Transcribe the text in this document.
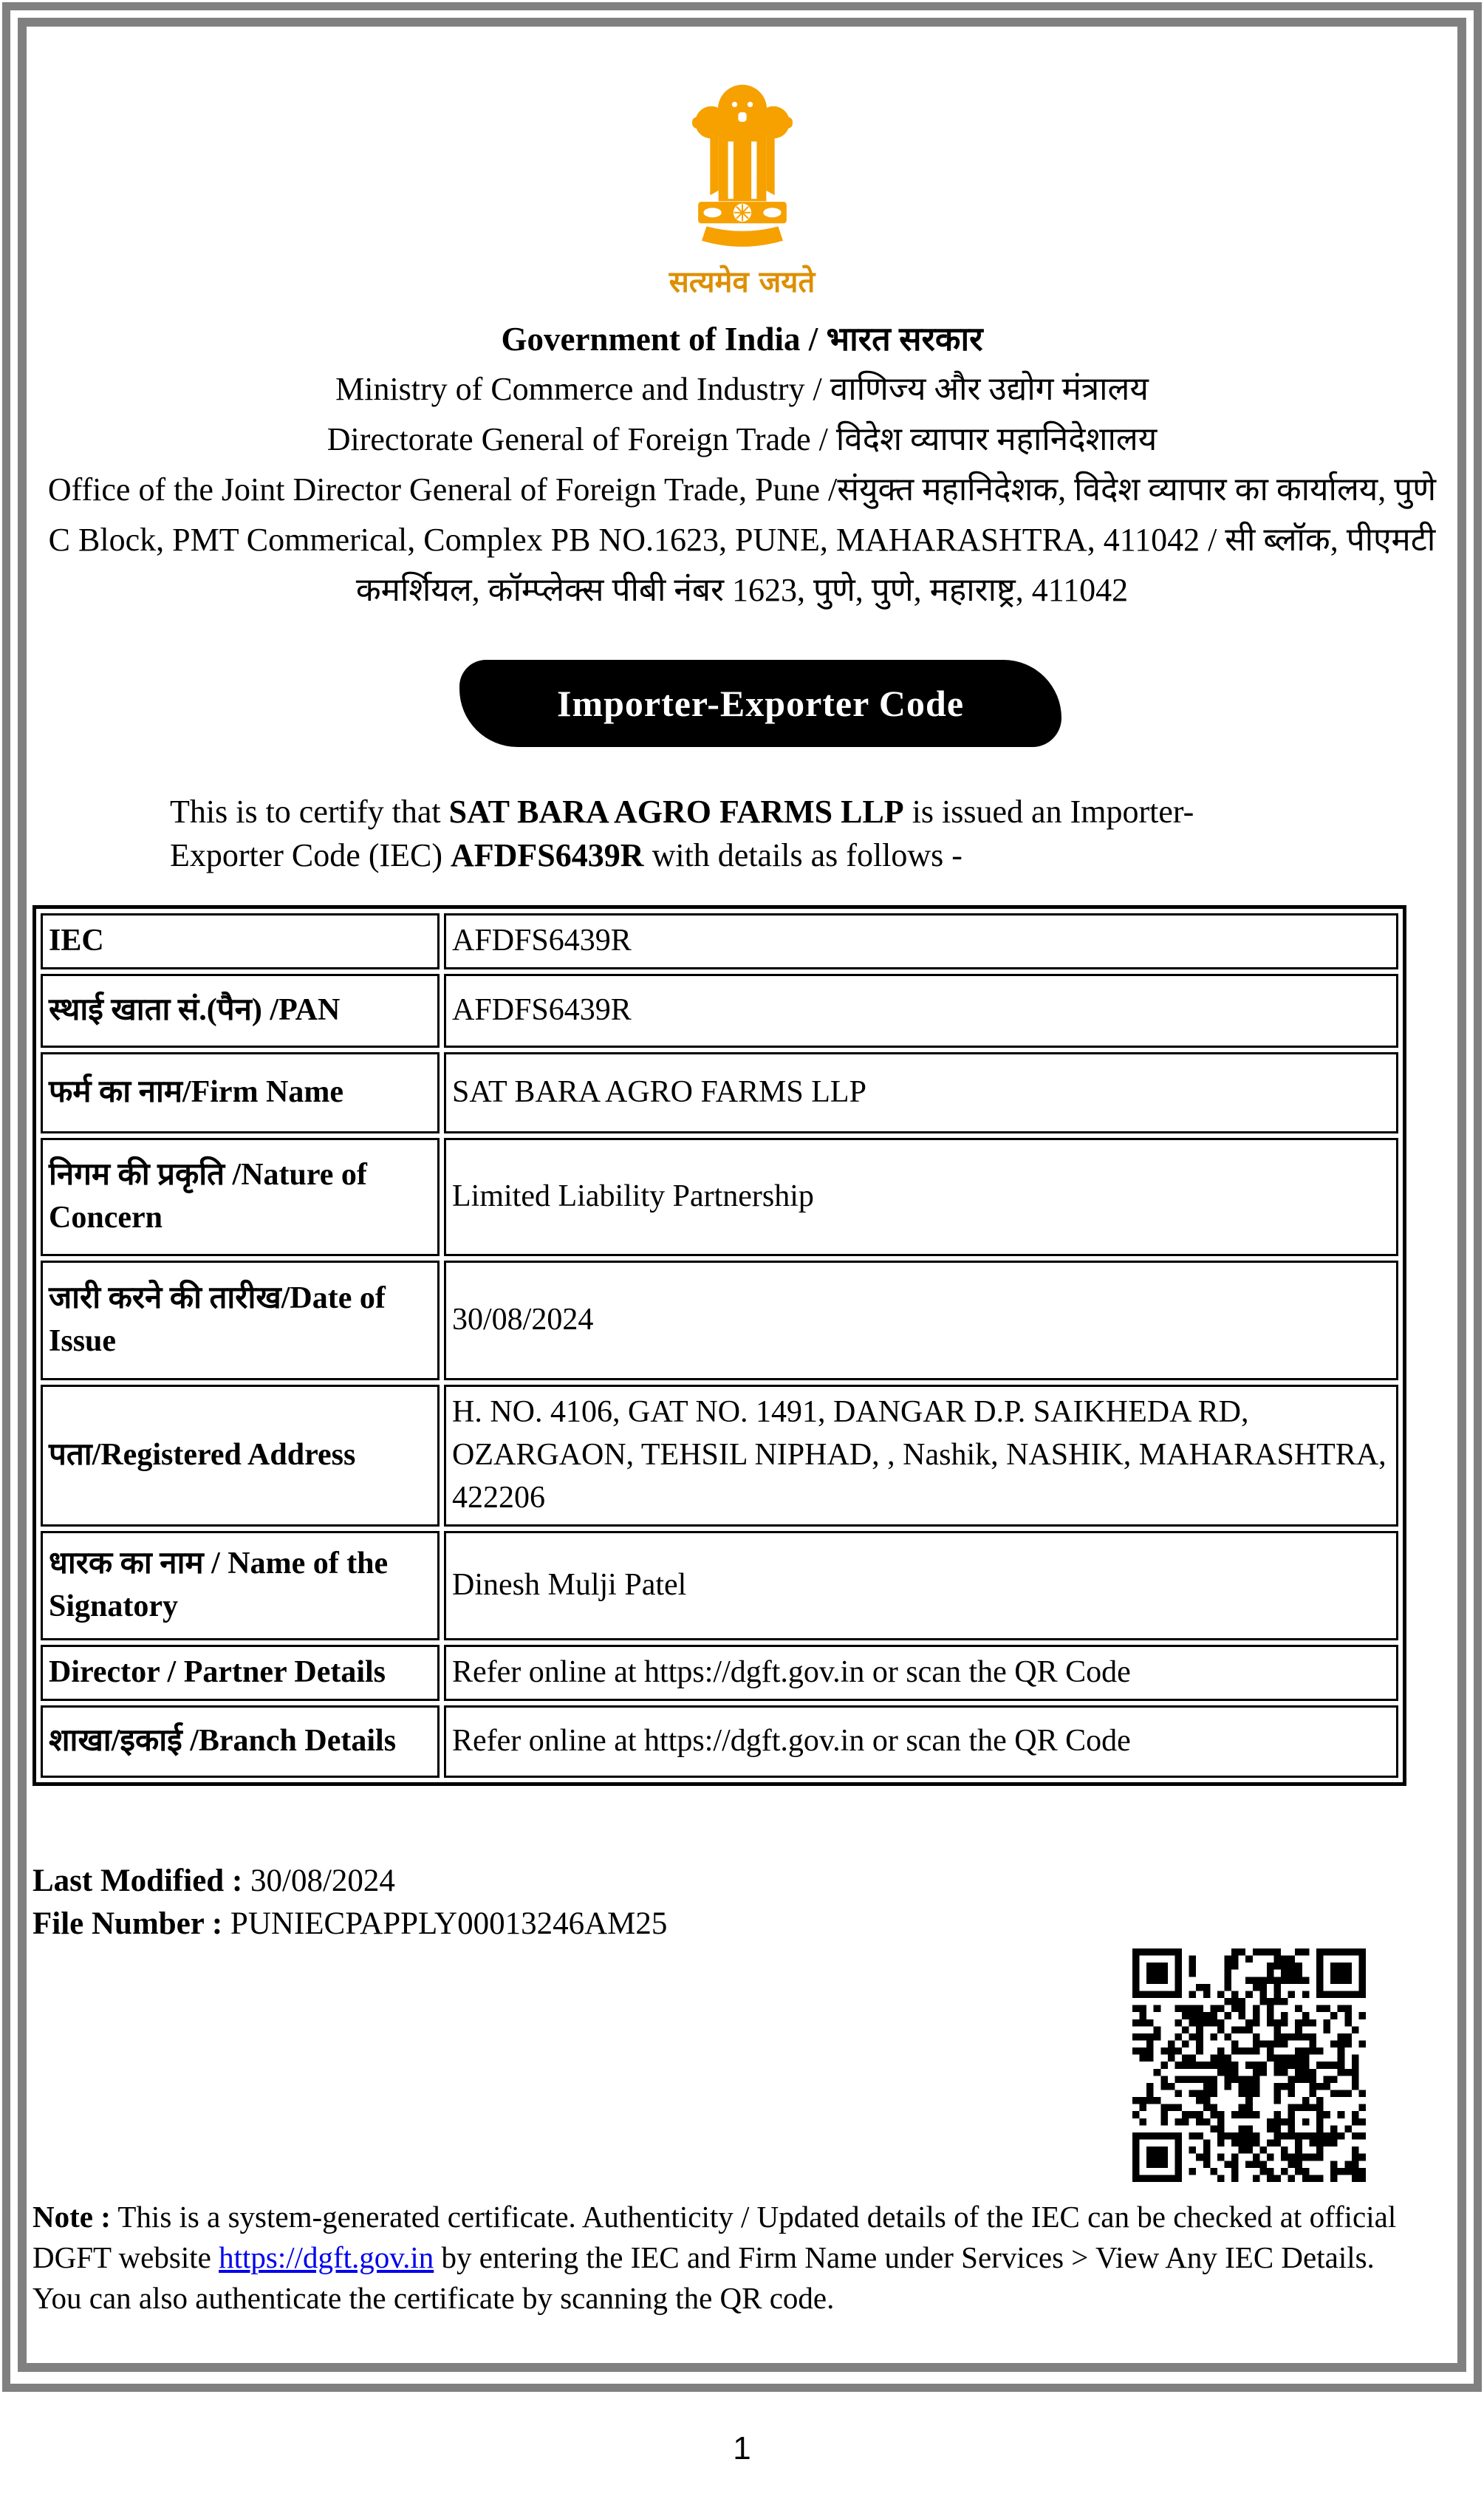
सत्यमेव जयते
Government of India / भारत सरकार
Ministry of Commerce and Industry / वाणिज्य और उद्योग मंत्रालय
Directorate General of Foreign Trade / विदेश व्यापार महानिदेशालय
Office of the Joint Director General of Foreign Trade, Pune /संयुक्त महानिदेशक, विदेश व्यापार का कार्यालय, पुणे
C Block, PMT Commerical, Complex PB NO.1623, PUNE, MAHARASHTRA, 411042 / सी ब्लॉक, पीएमटी
कमर्शियल, कॉम्प्लेक्स पीबी नंबर 1623, पुणे, पुणे, महाराष्ट्र, 411042
Importer-Exporter Code

This is to certify that SAT BARA AGRO FARMS LLP is issued an Importer-Exporter Code (IEC) AFDFS6439R with details as follows -

IEC	AFDFS6439R
स्थाई खाता सं.(पैन) /PAN	AFDFS6439R
फर्म का नाम/Firm Name	SAT BARA AGRO FARMS LLP
निगम की प्रकृति /Nature of Concern	Limited Liability Partnership
जारी करने की तारीख/Date of Issue	30/08/2024
पता/Registered Address	H. NO. 4106, GAT NO. 1491, DANGAR D.P. SAIKHEDA RD, OZARGAON, TEHSIL NIPHAD, , Nashik, NASHIK, MAHARASHTRA, 422206
धारक का नाम / Name of the Signatory	Dinesh Mulji Patel
Director / Partner Details	Refer online at https://dgft.gov.in or scan the QR Code
शाखा/इकाई /Branch Details	Refer online at https://dgft.gov.in or scan the QR Code
Last Modified : 30/08/2024
File Number : PUNIECPAPPLY00013246AM25

Note : This is a system-generated certificate. Authenticity / Updated details of the IEC can be checked at official DGFT website https://dgft.gov.in by entering the IEC and Firm Name under Services > View Any IEC Details. You can also authenticate the certificate by scanning the QR code.

1
